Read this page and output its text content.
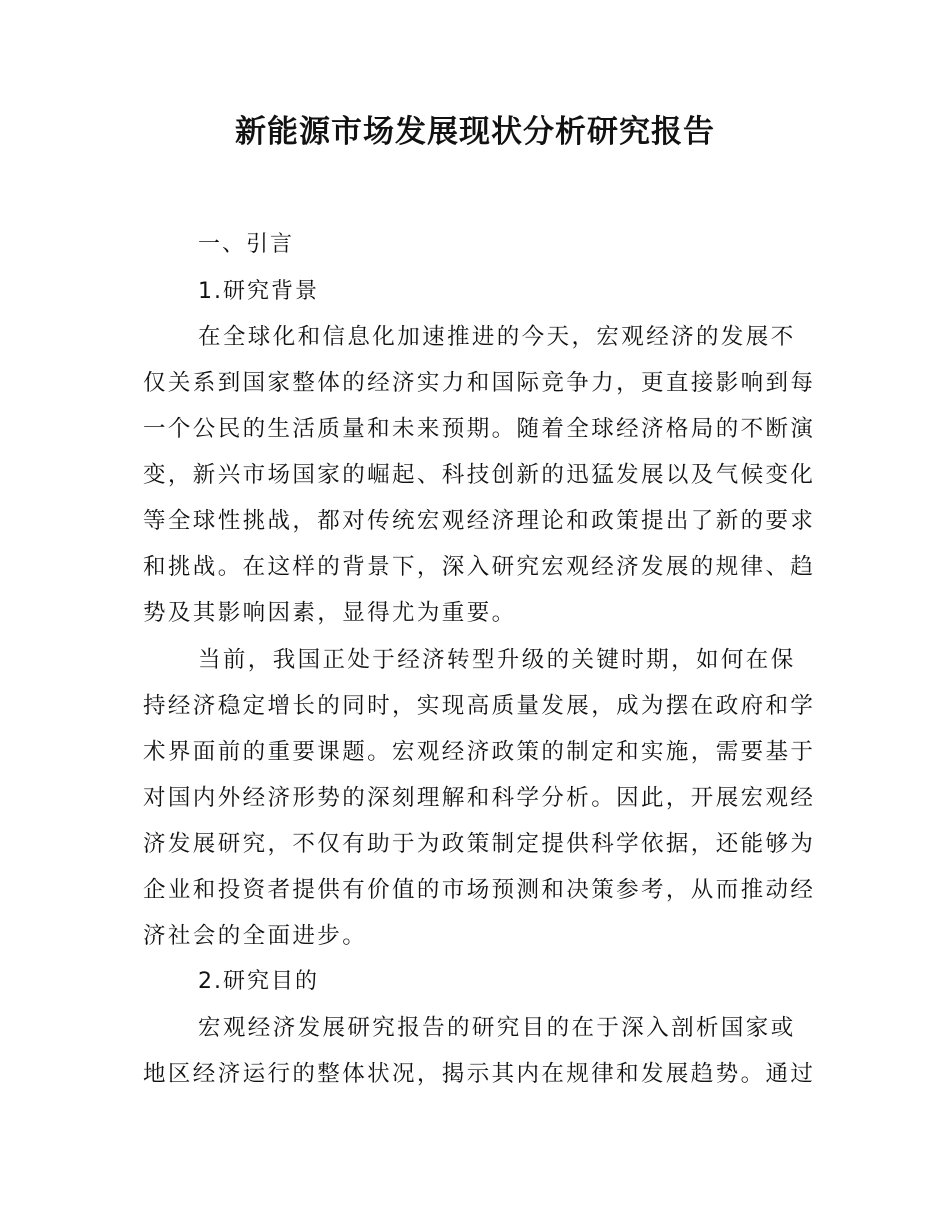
新能源市场发展现状分析研究报告
一、引言
1.研究背景
在全球化和信息化加速推进的今天，宏观经济的发展不
仅关系到国家整体的经济实力和国际竞争力，更直接影响到每
一个公民的生活质量和未来预期。随着全球经济格局的不断演
变，新兴市场国家的崛起、科技创新的迅猛发展以及气候变化
等全球性挑战，都对传统宏观经济理论和政策提出了新的要求
和挑战。在这样的背景下，深入研究宏观经济发展的规律、趋
势及其影响因素，显得尤为重要。
当前，我国正处于经济转型升级的关键时期，如何在保
持经济稳定增长的同时，实现高质量发展，成为摆在政府和学
术界面前的重要课题。宏观经济政策的制定和实施，需要基于
对国内外经济形势的深刻理解和科学分析。因此，开展宏观经
济发展研究，不仅有助于为政策制定提供科学依据，还能够为
企业和投资者提供有价值的市场预测和决策参考，从而推动经
济社会的全面进步。
2.研究目的
宏观经济发展研究报告的研究目的在于深入剖析国家或
地区经济运行的整体状况，揭示其内在规律和发展趋势。通过
